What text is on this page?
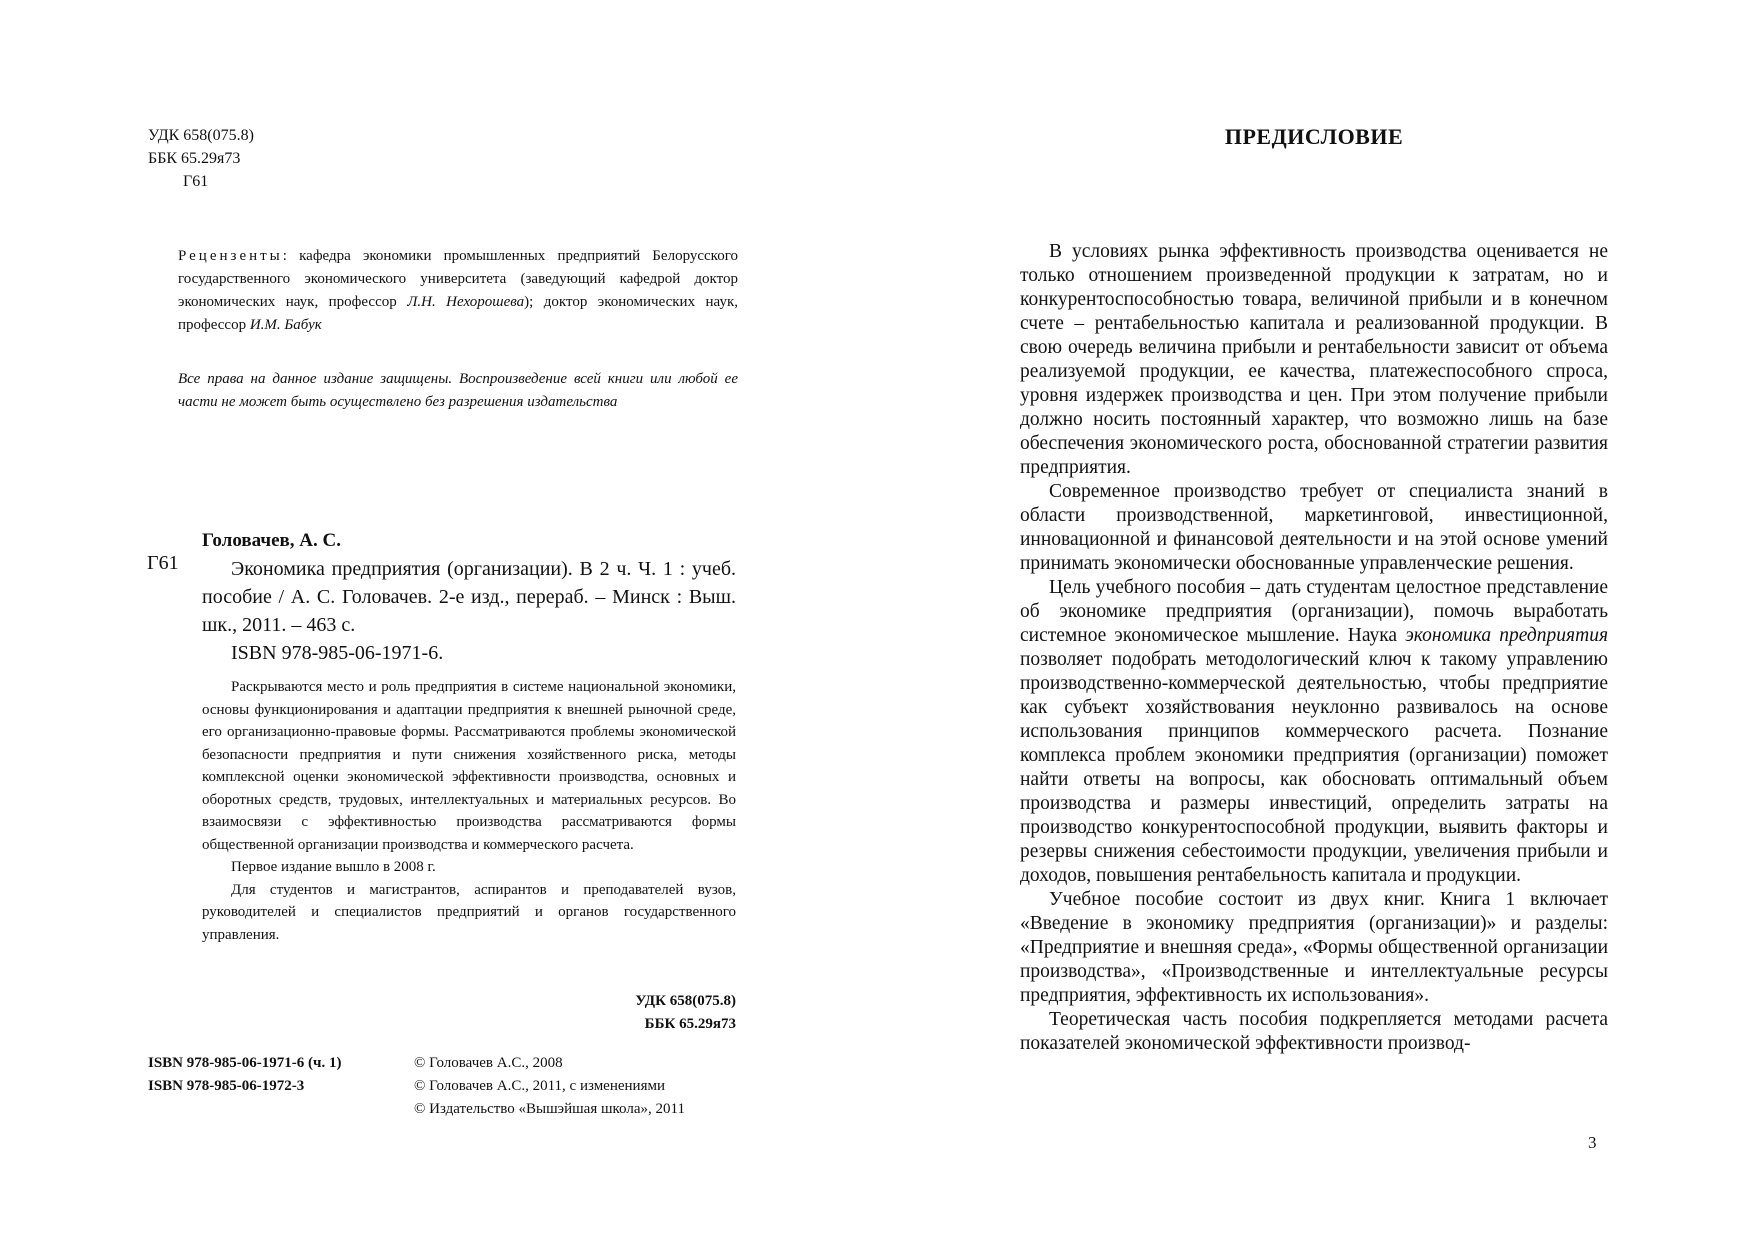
УДК 658(075.8)
ББК 65.29я73
Г61
Рецензенты: кафедра экономики промышленных предприятий Белорусского государственного экономического университета (заведующий кафедрой доктор экономических наук, профессор Л.Н. Нехорошева); доктор экономических наук, профессор И.М. Бабук
Все права на данное издание защищены. Воспроизведение всей книги или любой ее части не может быть осуществлено без разрешения издательства
Г61
Головачев, А. С.
Экономика предприятия (организации). В 2 ч. Ч. 1 : учеб. пособие / А. С. Головачев. 2-е изд., перераб. – Минск : Выш. шк., 2011. – 463 с.
ISBN 978-985-06-1971-6.

Раскрываются место и роль предприятия в системе национальной экономики, основы функционирования и адаптации предприятия к внешней рыночной среде, его организационно-правовые формы. Рассматриваются проблемы экономической безопасности предприятия и пути снижения хозяйственного риска, методы комплексной оценки экономической эффективности производства, основных и оборотных средств, трудовых, интеллектуальных и материальных ресурсов. Во взаимосвязи с эффективностью производства рассматриваются формы общественной организации производства и коммерческого расчета.

Первое издание вышло в 2008 г.

Для студентов и магистрантов, аспирантов и преподавателей вузов, руководителей и специалистов предприятий и органов государственного управления.

УДК 658(075.8)
ББК 65.29я73
ISBN 978-985-06-1971-6 (ч. 1)
ISBN 978-985-06-1972-3
© Головачев А.С., 2008
© Головачев А.С., 2011, с изменениями
© Издательство «Вышэйшая школа», 2011
ПРЕДИСЛОВИЕ

В условиях рынка эффективность производства оценивается не только отношением произведенной продукции к затратам, но и конкурентоспособностью товара, величиной прибыли и в конечном счете – рентабельностью капитала и реализованной продукции. В свою очередь величина прибыли и рентабельности зависит от объема реализуемой продукции, ее качества, платежеспособного спроса, уровня издержек производства и цен. При этом получение прибыли должно носить постоянный характер, что возможно лишь на базе обеспечения экономического роста, обоснованной стратегии развития предприятия.

Современное производство требует от специалиста знаний в области производственной, маркетинговой, инвестиционной, инновационной и финансовой деятельности и на этой основе умений принимать экономически обоснованные управленческие решения.

Цель учебного пособия – дать студентам целостное представление об экономике предприятия (организации), помочь выработать системное экономическое мышление. Наука экономика предприятия позволяет подобрать методологический ключ к такому управлению производственно-коммерческой деятельностью, чтобы предприятие как субъект хозяйствования неуклонно развивалось на основе использования принципов коммерческого расчета. Познание комплекса проблем экономики предприятия (организации) поможет найти ответы на вопросы, как обосновать оптимальный объем производства и размеры инвестиций, определить затраты на производство конкурентоспособной продукции, выявить факторы и резервы снижения себестоимости продукции, увеличения прибыли и доходов, повышения рентабельность капитала и продукции.

Учебное пособие состоит из двух книг. Книга 1 включает «Введение в экономику предприятия (организации)» и разделы: «Предприятие и внешняя среда», «Формы общественной организации производства», «Производственные и интеллектуальные ресурсы предприятия, эффективность их использования».

Теоретическая часть пособия подкрепляется методами расчета показателей экономической эффективности производ-

3
